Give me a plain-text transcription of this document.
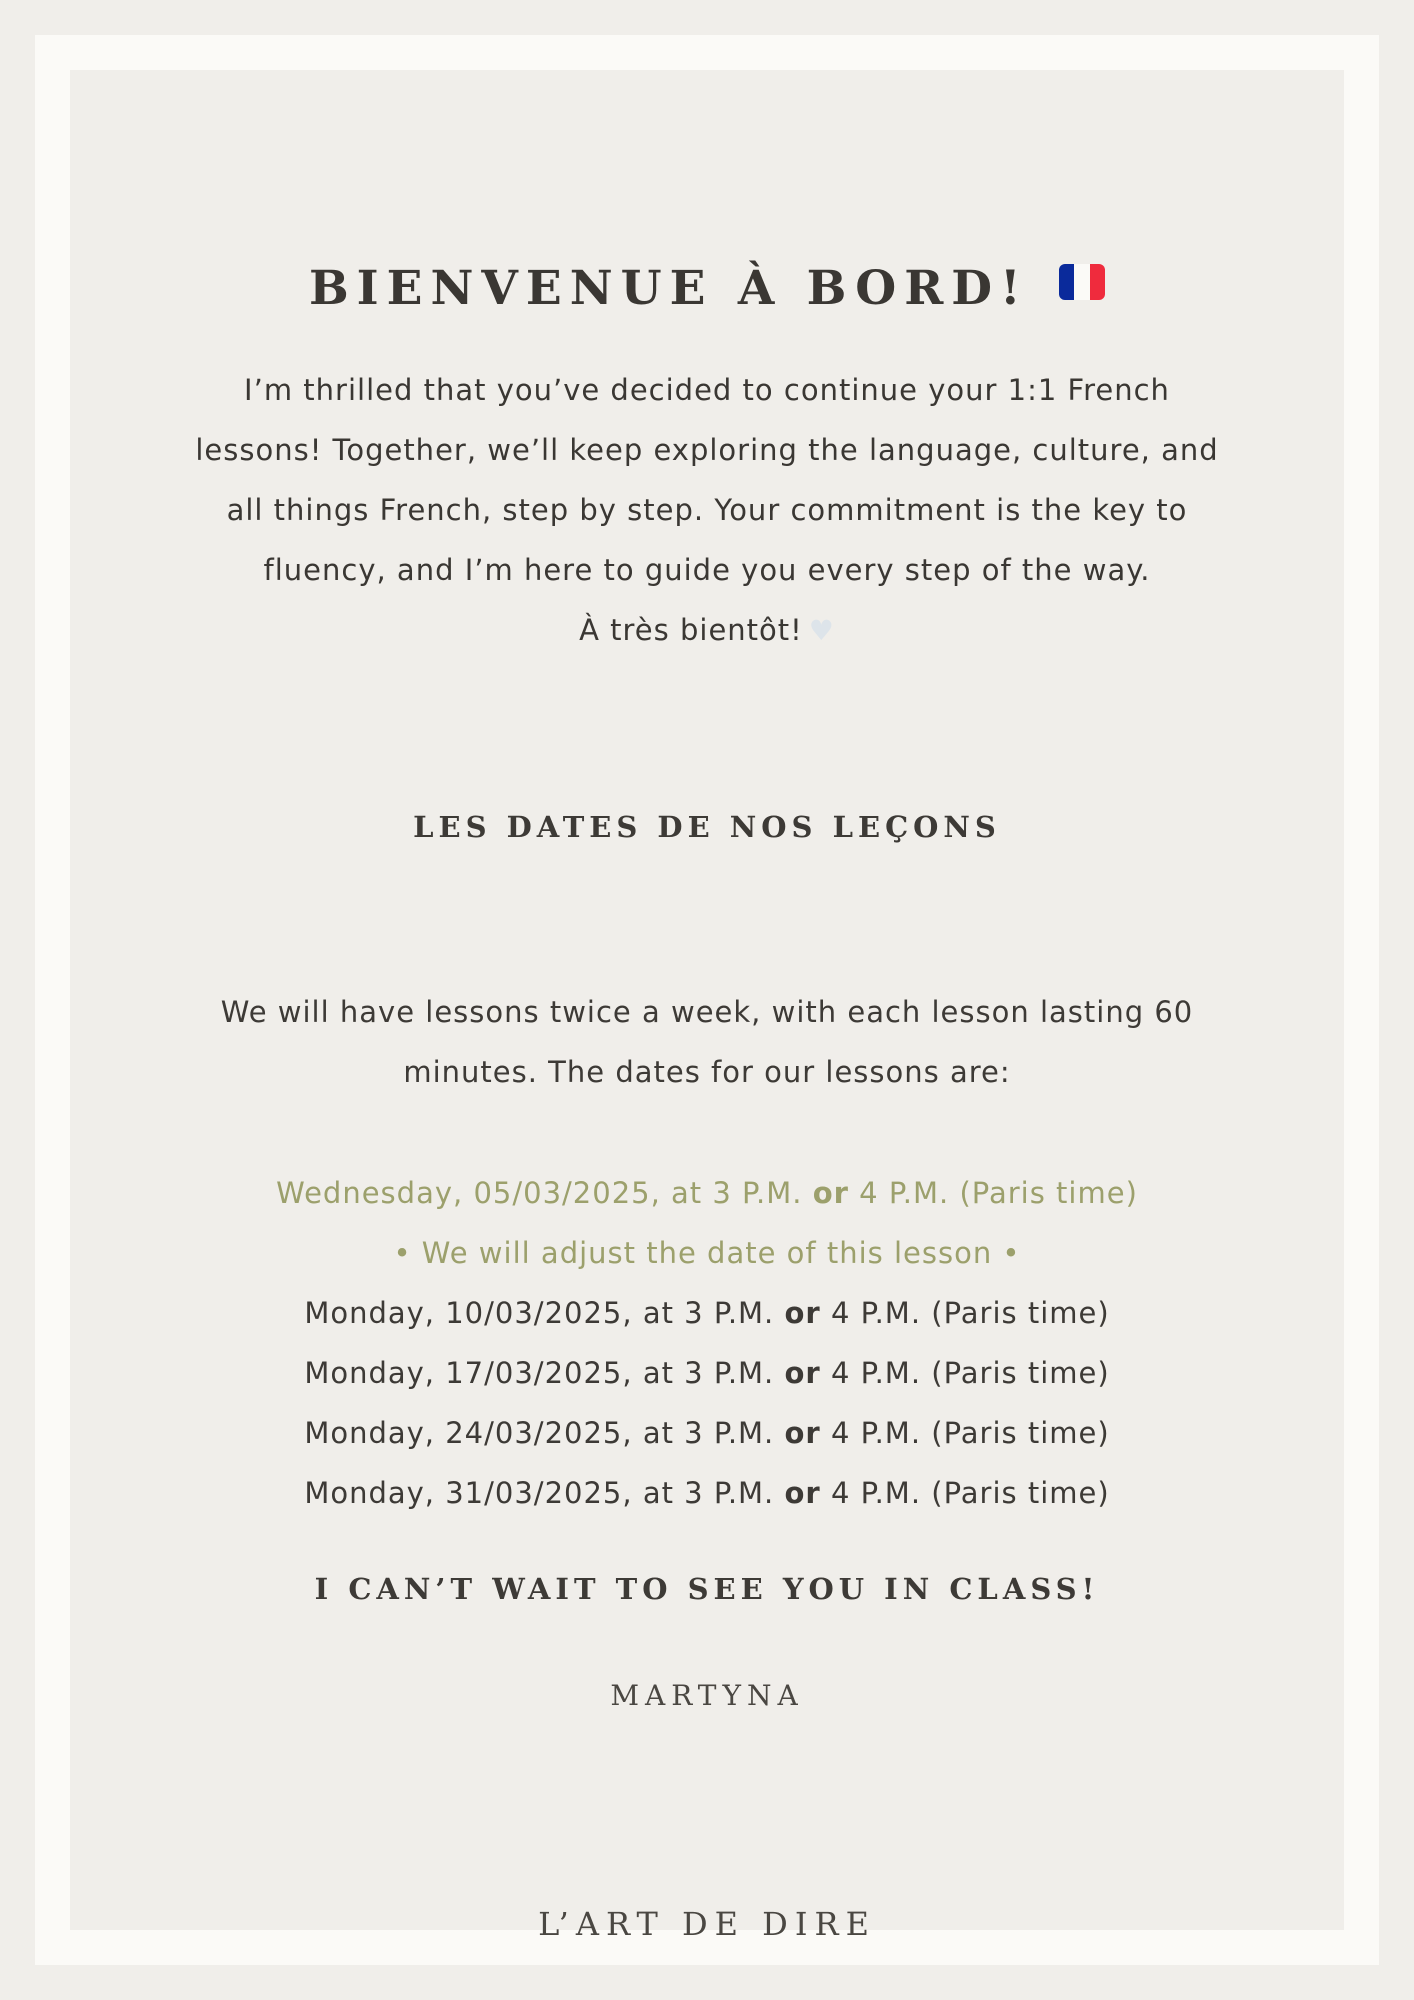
BIENVENUE À BORD!
I’m thrilled that you’ve decided to continue your 1:1 French
lessons! Together, we’ll keep exploring the language, culture, and
all things French, step by step. Your commitment is the key to
fluency, and I’m here to guide you every step of the way.
À très bientôt! ♥
LES DATES DE NOS LEÇONS
We will have lessons twice a week, with each lesson lasting 60
minutes. The dates for our lessons are:
Wednesday, 05/03/2025, at 3 P.M. or 4 P.M. (Paris time)
• We will adjust the date of this lesson •
Monday, 10/03/2025, at 3 P.M. or 4 P.M. (Paris time)
Monday, 17/03/2025, at 3 P.M. or 4 P.M. (Paris time)
Monday, 24/03/2025, at 3 P.M. or 4 P.M. (Paris time)
Monday, 31/03/2025, at 3 P.M. or 4 P.M. (Paris time)
I CAN’T WAIT TO SEE YOU IN CLASS!
MARTYNA
L’ART DE DIRE
